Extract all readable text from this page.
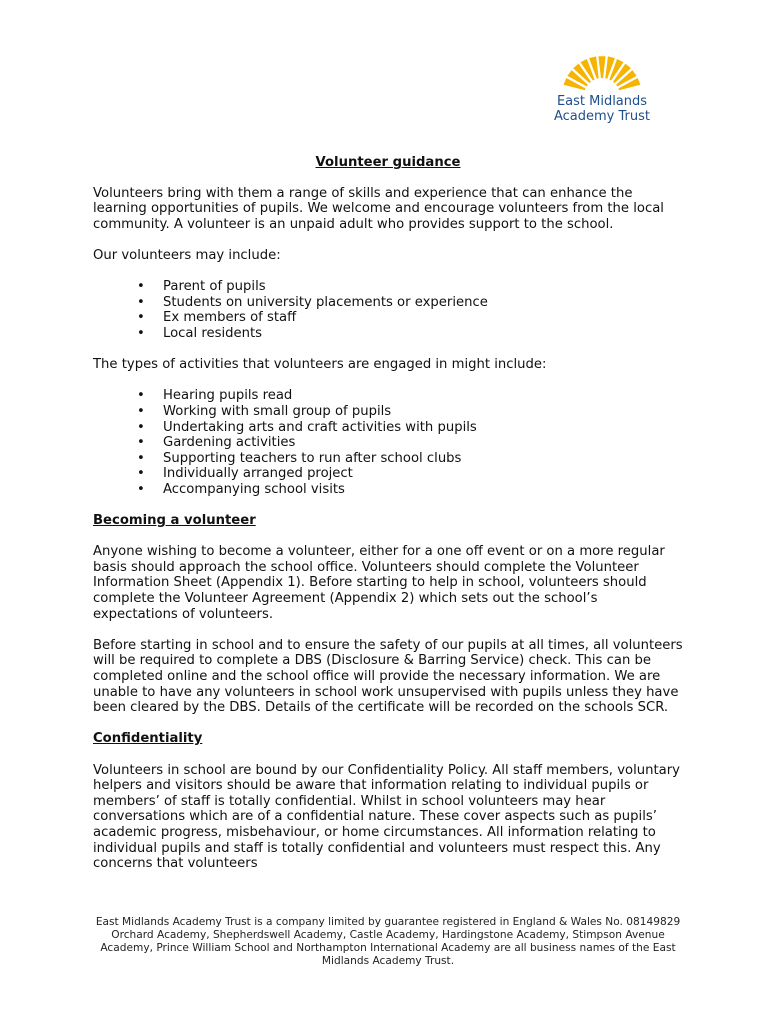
East Midlands
Academy Trust
Volunteer guidance

Volunteers bring with them a range of skills and experience that can enhance the learning opportunities of pupils. We welcome and encourage volunteers from the local community. A volunteer is an unpaid adult who provides support to the school.

Our volunteers may include:

• Parent of pupils
• Students on university placements or experience
• Ex members of staff
• Local residents

The types of activities that volunteers are engaged in might include:

• Hearing pupils read
• Working with small group of pupils
• Undertaking arts and craft activities with pupils
• Gardening activities
• Supporting teachers to run after school clubs
• Individually arranged project
• Accompanying school visits
Becoming a volunteer

Anyone wishing to become a volunteer, either for a one off event or on a more regular basis should approach the school office. Volunteers should complete the Volunteer Information Sheet (Appendix 1). Before starting to help in school, volunteers should complete the Volunteer Agreement (Appendix 2) which sets out the school’s expectations of volunteers.

Before starting in school and to ensure the safety of our pupils at all times, all volunteers will be required to complete a DBS (Disclosure & Barring Service) check. This can be completed online and the school office will provide the necessary information. We are unable to have any volunteers in school work unsupervised with pupils unless they have been cleared by the DBS. Details of the certificate will be recorded on the schools SCR.

Confidentiality

Volunteers in school are bound by our Confidentiality Policy. All staff members, voluntary helpers and visitors should be aware that information relating to individual pupils or members’ of staff is totally confidential. Whilst in school volunteers may hear conversations which are of a confidential nature. These cover aspects such as pupils’ academic progress, misbehaviour, or home circumstances. All information relating to individual pupils and staff is totally confidential and volunteers must respect this. Any concerns that volunteers

East Midlands Academy Trust is a company limited by guarantee registered in England & Wales No. 08149829
Orchard Academy, Shepherdswell Academy, Castle Academy, Hardingstone Academy, Stimpson Avenue Academy, Prince William School and Northampton International Academy are all business names of the East Midlands Academy Trust.
